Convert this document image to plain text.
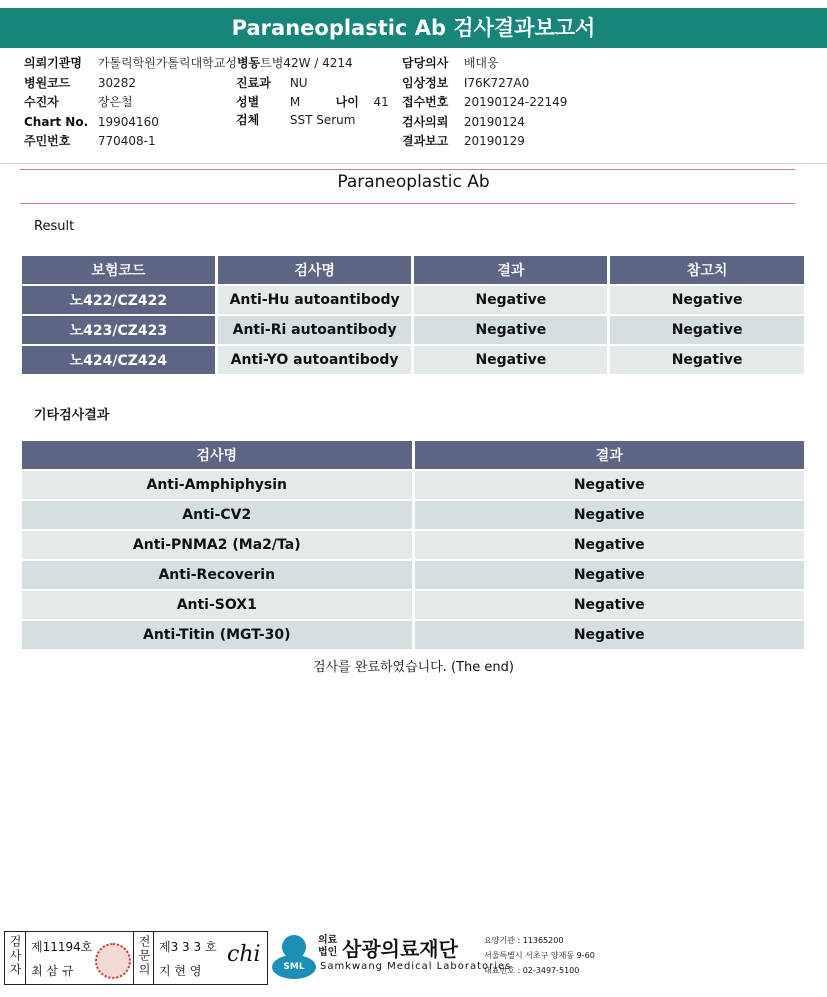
Paraneoplastic Ab 검사결과보고서
의뢰기관명 가톨릭학원가톨릭대학교성병동트병42W / 4214	담당의사 배대웅
병원코드 30282	진료과 NU	임상정보 I76K727A0
수진자	장은철	성별	M	나이 41 접수번호 20190124-22149
Chart No. 19904160	검체	SST Serum	검사의뢰 20190124
주민번호 770408-1	결과보고 20190129
Paraneoplastic Ab
Result
보험코드	검사명	결과	참고치
노422/CZ422	Anti-Hu autoantibody	Negative	Negative
노423/CZ423	Anti-Ri autoantibody	Negative	Negative
노424/CZ424	Anti-YO autoantibody	Negative	Negative
기타검사결과
검사명	결과
Anti-Amphiphysin	Negative
Anti-CV2	Negative
Anti-PNMA2 (Ma2/Ta)	Negative
Anti-Recoverin	Negative
Anti-SOX1	Negative
Anti-Titin (MGT-30)	Negative
검사를 완료하였습니다. (The end)
검사자 제11194호
최 삼 규	전문의 제3 3 3 호
지 현 영
chi	SML
의료법인 삼광의료재단
Samkwang Medical Laboratories
요양기관 : 11365200
서울특별시 서초구 양재동 9-60
대표번호 : 02-3497-5100
